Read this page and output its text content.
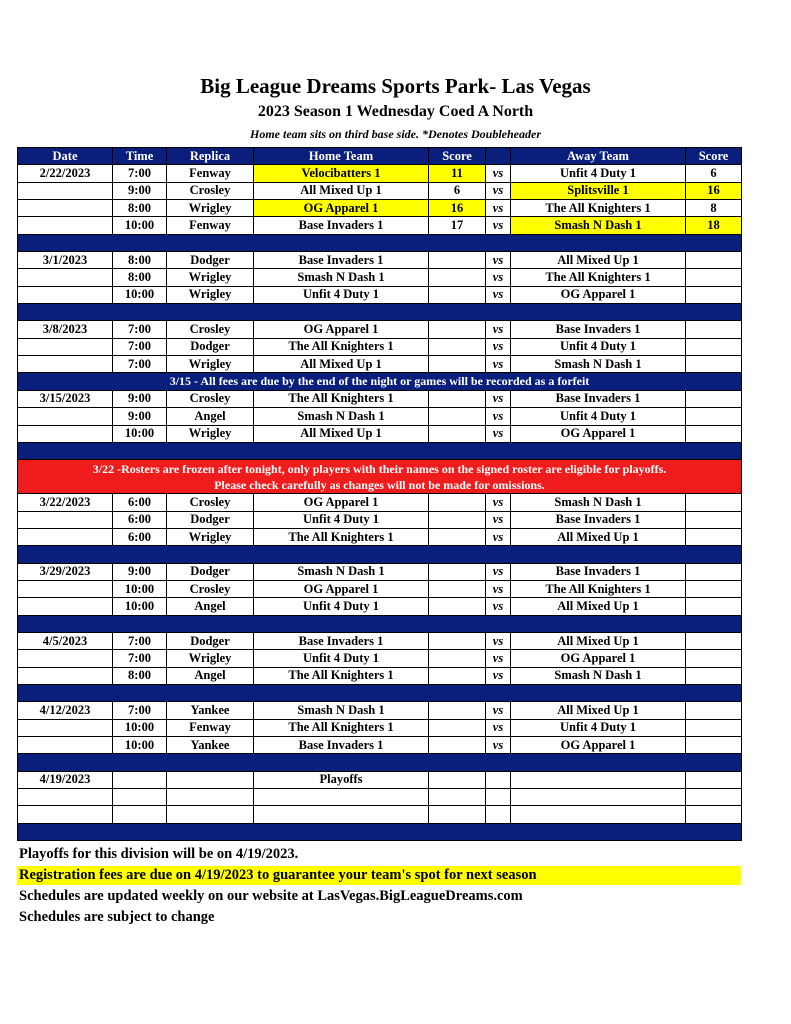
Big League Dreams Sports Park- Las Vegas
2023 Season 1 Wednesday Coed A North
Home team sits on third base side. *Denotes Doubleheader
Date	Time	Replica	Home Team	Score		Away Team	Score
2/22/2023	7:00	Fenway	Velocibatters 1	11	vs	Unfit 4 Duty 1	6
	9:00	Crosley	All Mixed Up 1	6	vs	Splitsville 1	16
	8:00	Wrigley	OG Apparel 1	16	vs	The All Knighters 1	8
	10:00	Fenway	Base Invaders 1	17	vs	Smash N Dash 1	18

3/1/2023	8:00	Dodger	Base Invaders 1		vs	All Mixed Up 1	
	8:00	Wrigley	Smash N Dash 1		vs	The All Knighters 1	
	10:00	Wrigley	Unfit 4 Duty 1		vs	OG Apparel 1	

3/8/2023	7:00	Crosley	OG Apparel 1		vs	Base Invaders 1	
	7:00	Dodger	The All Knighters 1		vs	Unfit 4 Duty 1	
	7:00	Wrigley	All Mixed Up 1		vs	Smash N Dash 1	
3/15 - All fees are due by the end of the night or games will be recorded as a forfeit							
3/15/2023	9:00	Crosley	The All Knighters 1		vs	Base Invaders 1	
	9:00	Angel	Smash N Dash 1		vs	Unfit 4 Duty 1	
	10:00	Wrigley	All Mixed Up 1		vs	OG Apparel 1	

3/22 -Rosters are frozen after tonight, only players with their names on the signed roster are eligible for playoffs.
Please check carefully as changes will not be made for omissions.							

3/22/2023	6:00	Crosley	OG Apparel 1		vs	Smash N Dash 1	
	6:00	Dodger	Unfit 4 Duty 1		vs	Base Invaders 1	
	6:00	Wrigley	The All Knighters 1		vs	All Mixed Up 1	

3/29/2023	9:00	Dodger	Smash N Dash 1		vs	Base Invaders 1	
	10:00	Crosley	OG Apparel 1		vs	The All Knighters 1	
	10:00	Angel	Unfit 4 Duty 1		vs	All Mixed Up 1	

4/5/2023	7:00	Dodger	Base Invaders 1		vs	All Mixed Up 1	
	7:00	Wrigley	Unfit 4 Duty 1		vs	OG Apparel 1	
	8:00	Angel	The All Knighters 1		vs	Smash N Dash 1	

4/12/2023	7:00	Yankee	Smash N Dash 1		vs	All Mixed Up 1	
	10:00	Fenway	The All Knighters 1		vs	Unfit 4 Duty 1	
	10:00	Yankee	Base Invaders 1		vs	OG Apparel 1	

4/19/2023			Playoffs				

Playoffs for this division will be on 4/19/2023.
Registration fees are due on 4/19/2023 to guarantee your team's spot for next season
Schedules are updated weekly on our website at LasVegas.BigLeagueDreams.com
Schedules are subject to change
